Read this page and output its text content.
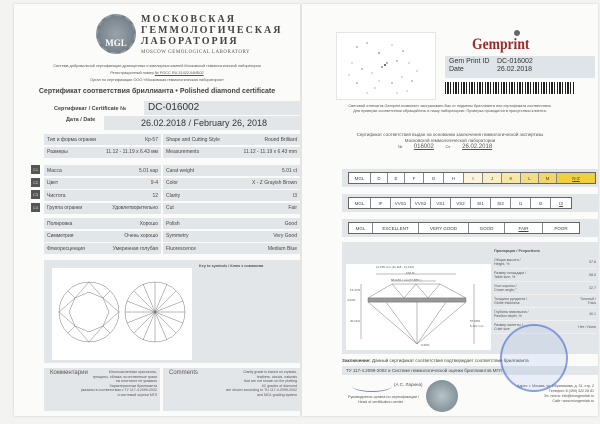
MGL
МОСКОВСКАЯ
ГЕММОЛОГИЧЕСКАЯ
ЛАБОРАТОРИЯ
MOSCOW GEMOLOGICAL LABORATORY
Система добровольной сертификации драгоценных и ювелирных камней Московской геммологической лаборатории
Регистрационный номер № РОСС RU.31422.04ИБ02
Орган по сертификации ООО «Московская геммологическая лаборатория»
Сертификат соответствия бриллианта • Polished diamond certificate
Сертификат / Certificate №	DC-016002
Дата / Date	26.02.2018 / February 26, 2018
Тип и форма огранки	Кр-57 Shape and Cutting Style	Round Brilliant
Размеры	11.12 - 11.19 x 6.43 мм Measurements	11.12 - 11.19 x 6.43 mm
C1	Масса	5.01 кар Carat weight	5.01 ct
C2	Цвет	9-4 Color	X - Z Grayish Brown
C3	Чистота	12 Clarity	I3
C4	Группа огранки	Удовлетворительно Cut	Fair
Полировка	Хорошо Polish	Good
Симметрия	Очень хорошо Symmetry	Very Good
Флюоресценция	Умеренная голубая Fluorescence	Medium Blue
Key to symbols / Ключ к символам
Комментарии	Многочисленные кристаллы,
трещины, облака, естественные грани
на плоттинге не указаны
Характеристики бриллианта
указаны в соответствии с ТУ 117-4.2099-2002
и системой оценки МГЛ
Comments	Clarity grade is based on crystals,
feathers, clouds, naturals
that are not shown on the plotting
4C grades of diamond
are shown according to TU 117-4.2099-2002
and MGL grading system
Gemprint
Gem Print ID	DC-016002
Date	26.02.2018
Световой отпечаток Gemprint позволяет застраховать Вас от подмены бриллианта или сертификата соответствия.
Для проверки соответствия обращайтесь в нашу лабораторию. Проверка проводится в присутствии клиента.
Сертификат соответствия выдан на основании заключения геммологической экспертизы
Московской геммологической лаборатории
№ 016002	От 26.02.2018
MGL	D	E	F	G	H	I	J	K	L	M	N-Z
MGL	IF	VVS1	VVS2	VS1	VS2	SI1	SI2	I1	I2	I3
MGL	EXCELLENT	VERY GOOD	GOOD	FAIR	POOR
11.155 mm (11.118 - 11.194)
100 %
58.02% ( min 57.88% )
13.47%
4.03%
40.11%	57.60%
6.427 mm
0.29%
Пропорции / Proportions
Общая высота /
Height, %
57.6
Размер площадки /
Table size, %
58.0
Угол короны /
Crown angle,°
32.7
Толщина рундиста /
Girdle thickness
Толстый / Thick
Глубина павильона /
Pavilion depth, %
40.1
Размер калетты /
Culet size
Нет / None
Заключение: Данный сертификат соответствия подтверждает соответствие бриллианта
ТУ 117-4.2099-2002 и Системе геммологической оценки бриллиантов МГЛ
(А.С. Ларина)
Руководитель органа по сертификации /
Head of certification center
Адрес: г. Москва, ул. Ибрагимова, д. 31, стр. 2
Телефон: 8 (499) 322 28 81
Эл. почта: info@mosgemlab.ru
Сайт: www.mosgemlab.ru
